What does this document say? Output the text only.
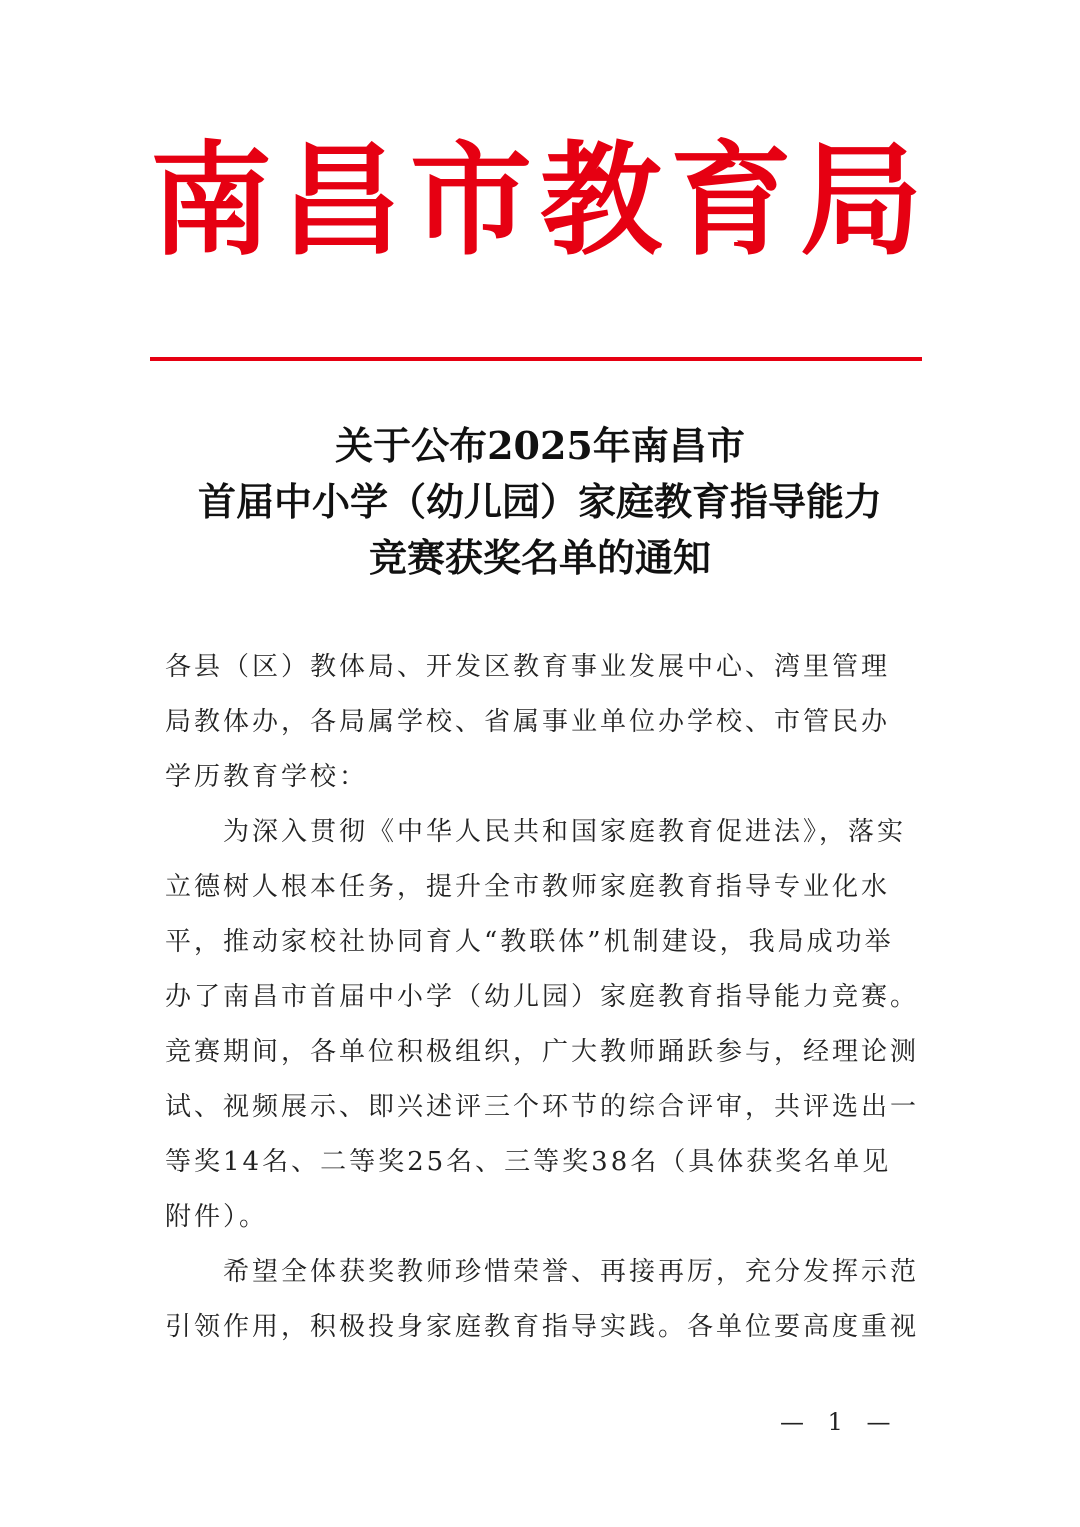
南 昌 市 教 育 局
关于公布2025年南昌市
首届中小学（幼儿园）家庭教育指导能力
竞赛获奖名单的通知
各县（区）教体局、开发区教育事业发展中心、湾里管理
局教体办，各局属学校、省属事业单位办学校、市管民办
学历教育学校：
　　为深入贯彻《中华人民共和国家庭教育促进法》，落实
立德树人根本任务，提升全市教师家庭教育指导专业化水
平，推动家校社协同育人“教联体”机制建设，我局成功举
办了南昌市首届中小学（幼儿园）家庭教育指导能力竞赛。
竞赛期间，各单位积极组织，广大教师踊跃参与，经理论测
试、视频展示、即兴述评三个环节的综合评审，共评选出一
等奖14名、二等奖25名、三等奖38名（具体获奖名单见
附件）。
　　希望全体获奖教师珍惜荣誉、再接再厉，充分发挥示范
引领作用，积极投身家庭教育指导实践。各单位要高度重视
— 1 —
